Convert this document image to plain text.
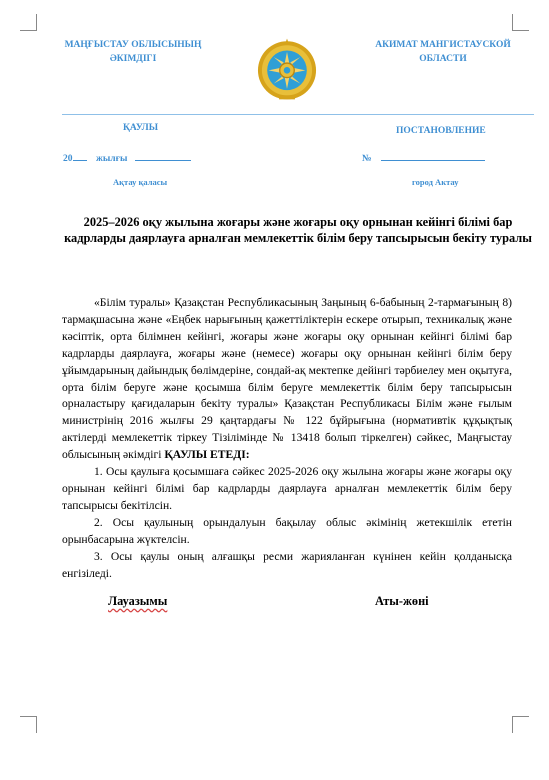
МАҢҒЫСТАУ ОБЛЫСЫНЫҢ ӘКІМДІГІ
АКИМАТ МАНГИСТАУСКОЙ ОБЛАСТИ
ҚАУЛЫ	ПОСТАНОВЛЕНИЕ
20 жылғы	№
Ақтау қаласы	город Актау
2025–2026 оқу жылына жоғары және жоғары оқу орнынан кейінгі білімі бар кадрларды даярлауға арналған мемлекеттік білім беру тапсырысын бекіту туралы

«Білім туралы» Қазақстан Республикасының Заңының 6-бабының 2-тармағының 8) тармақшасына және «Еңбек нарығының қажеттіліктерін ескере отырып, техникалық және кәсіптік, орта білімнен кейінгі, жоғары және жоғары оқу орнынан кейінгі білімі бар кадрларды даярлауға, жоғары және (немесе) жоғары оқу орнынан кейінгі білім беру ұйымдарының дайындық бөлімдеріне, сондай-ақ мектепке дейінгі тәрбиелеу мен оқытуға, орта білім беруге және қосымша білім беруге мемлекеттік білім беру тапсырысын орналастыру қағидаларын бекіту туралы» Қазақстан Республикасы Білім және ғылым министрінің 2016 жылғы 29 қаңтардағы № 122 бұйрығына (нормативтік құқықтық актілерді мемлекеттік тіркеу Тізілімінде № 13418 болып тіркелген) сәйкес, Маңғыстау облысының әкімдігі ҚАУЛЫ ЕТЕДІ:

1. Осы қаулыға қосымшаға сәйкес 2025-2026 оқу жылына жоғары және жоғары оқу орнынан кейінгі білімі бар кадрларды даярлауға арналған мемлекеттік білім беру тапсырысы бекітілсін.

2. Осы қаулының орындалуын бақылау облыс әкімінің жетекшілік ететін орынбасарына жүктелсін.

3. Осы қаулы оның алғашқы ресми жарияланған күнінен кейін қолданысқа енгізіледі.

Лауазымы	Аты-жөні
